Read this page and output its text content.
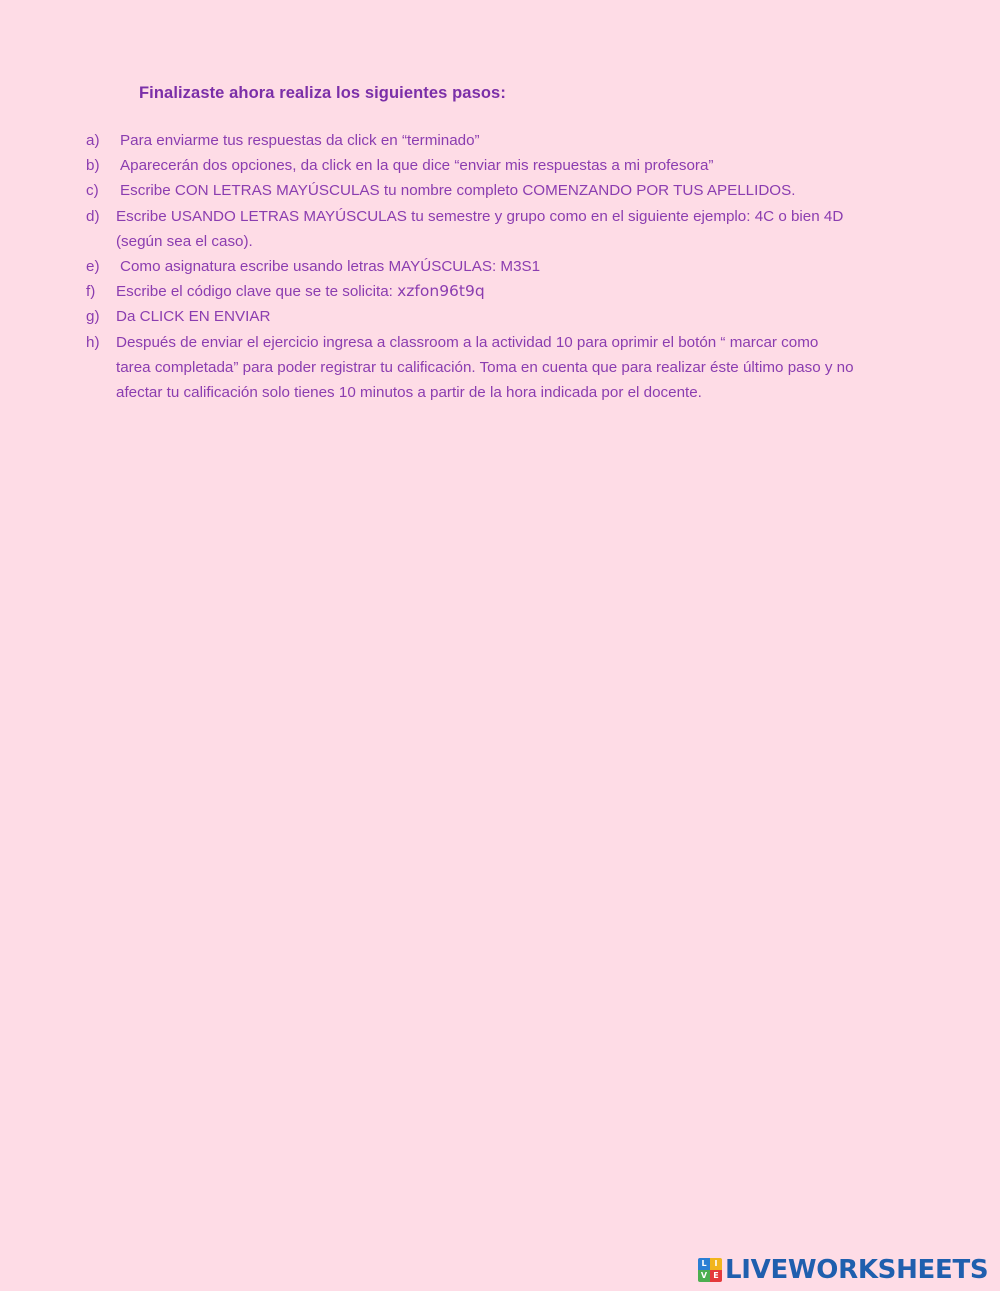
Finalizaste ahora realiza los siguientes pasos:
a)	Para enviarme tus respuestas da click en “terminado”
b)	Aparecerán dos opciones, da click en la que dice “enviar mis respuestas a mi profesora”
c)	Escribe CON LETRAS MAYÚSCULAS tu nombre completo COMENZANDO POR TUS APELLIDOS.
d)	Escribe USANDO LETRAS MAYÚSCULAS tu semestre y grupo como en el siguiente ejemplo: 4C o bien 4D (según sea el caso).
e)	Como asignatura escribe usando letras MAYÚSCULAS: M3S1
f)	Escribe el código clave que se te solicita: xzfon96t9q
g)	Da CLICK EN ENVIAR
h)	Después de enviar el ejercicio ingresa a classroom a la actividad 10 para oprimir el botón “ marcar como tarea completada” para poder registrar tu calificación. Toma en cuenta que para realizar éste último paso y no afectar tu calificación solo tienes 10 minutos a partir de la hora indicada por el docente.
L I
V E LIVEWORKSHEETS
